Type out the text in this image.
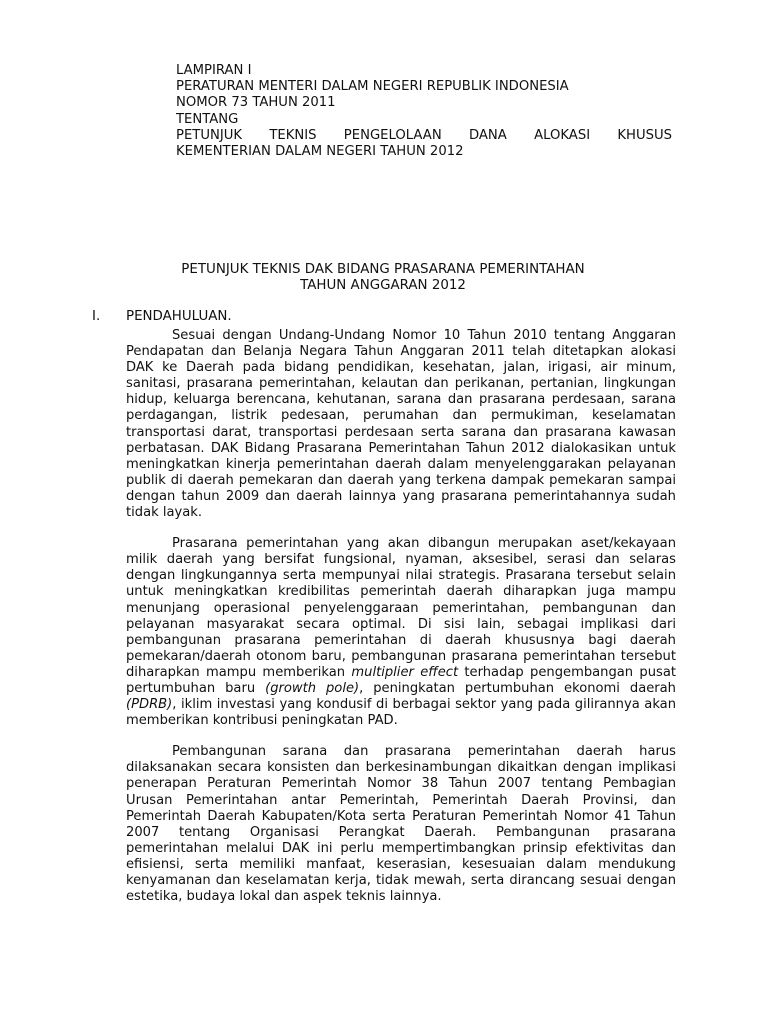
LAMPIRAN I
PERATURAN MENTERI DALAM NEGERI REPUBLIK INDONESIA
NOMOR 73 TAHUN 2011
TENTANG
PETUNJUK TEKNIS PENGELOLAAN DANA ALOKASI KHUSUS
KEMENTERIAN DALAM NEGERI TAHUN 2012
PETUNJUK TEKNIS DAK BIDANG PRASARANA PEMERINTAHAN
TAHUN ANGGARAN 2012
I. PENDAHULUAN.

Sesuai dengan Undang-Undang Nomor 10 Tahun 2010 tentang Anggaran Pendapatan dan Belanja Negara Tahun Anggaran 2011 telah ditetapkan alokasi DAK ke Daerah pada bidang pendidikan, kesehatan, jalan, irigasi, air minum, sanitasi, prasarana pemerintahan, kelautan dan perikanan, pertanian, lingkungan hidup, keluarga berencana, kehutanan, sarana dan prasarana perdesaan, sarana perdagangan, listrik pedesaan, perumahan dan permukiman, keselamatan transportasi darat, transportasi perdesaan serta sarana dan prasarana kawasan perbatasan. DAK Bidang Prasarana Pemerintahan Tahun 2012 dialokasikan untuk meningkatkan kinerja pemerintahan daerah dalam menyelenggarakan pelayanan publik di daerah pemekaran dan daerah yang terkena dampak pemekaran sampai dengan tahun 2009 dan daerah lainnya yang prasarana pemerintahannya sudah tidak layak.

Prasarana pemerintahan yang akan dibangun merupakan aset/kekayaan milik daerah yang bersifat fungsional, nyaman, aksesibel, serasi dan selaras dengan lingkungannya serta mempunyai nilai strategis. Prasarana tersebut selain untuk meningkatkan kredibilitas pemerintah daerah diharapkan juga mampu menunjang operasional penyelenggaraan pemerintahan, pembangunan dan pelayanan masyarakat secara optimal. Di sisi lain, sebagai implikasi dari pembangunan prasarana pemerintahan di daerah khususnya bagi daerah pemekaran/daerah otonom baru, pembangunan prasarana pemerintahan tersebut diharapkan mampu memberikan multiplier effect terhadap pengembangan pusat pertumbuhan baru (growth pole), peningkatan pertumbuhan ekonomi daerah (PDRB), iklim investasi yang kondusif di berbagai sektor yang pada gilirannya akan memberikan kontribusi peningkatan PAD.

Pembangunan sarana dan prasarana pemerintahan daerah harus dilaksanakan secara konsisten dan berkesinambungan dikaitkan dengan implikasi penerapan Peraturan Pemerintah Nomor 38 Tahun 2007 tentang Pembagian Urusan Pemerintahan antar Pemerintah, Pemerintah Daerah Provinsi, dan Pemerintah Daerah Kabupaten/Kota serta Peraturan Pemerintah Nomor 41 Tahun 2007 tentang Organisasi Perangkat Daerah. Pembangunan prasarana pemerintahan melalui DAK ini perlu mempertimbangkan prinsip efektivitas dan efisiensi, serta memiliki manfaat, keserasian, kesesuaian dalam mendukung kenyamanan dan keselamatan kerja, tidak mewah, serta dirancang sesuai dengan estetika, budaya lokal dan aspek teknis lainnya.
